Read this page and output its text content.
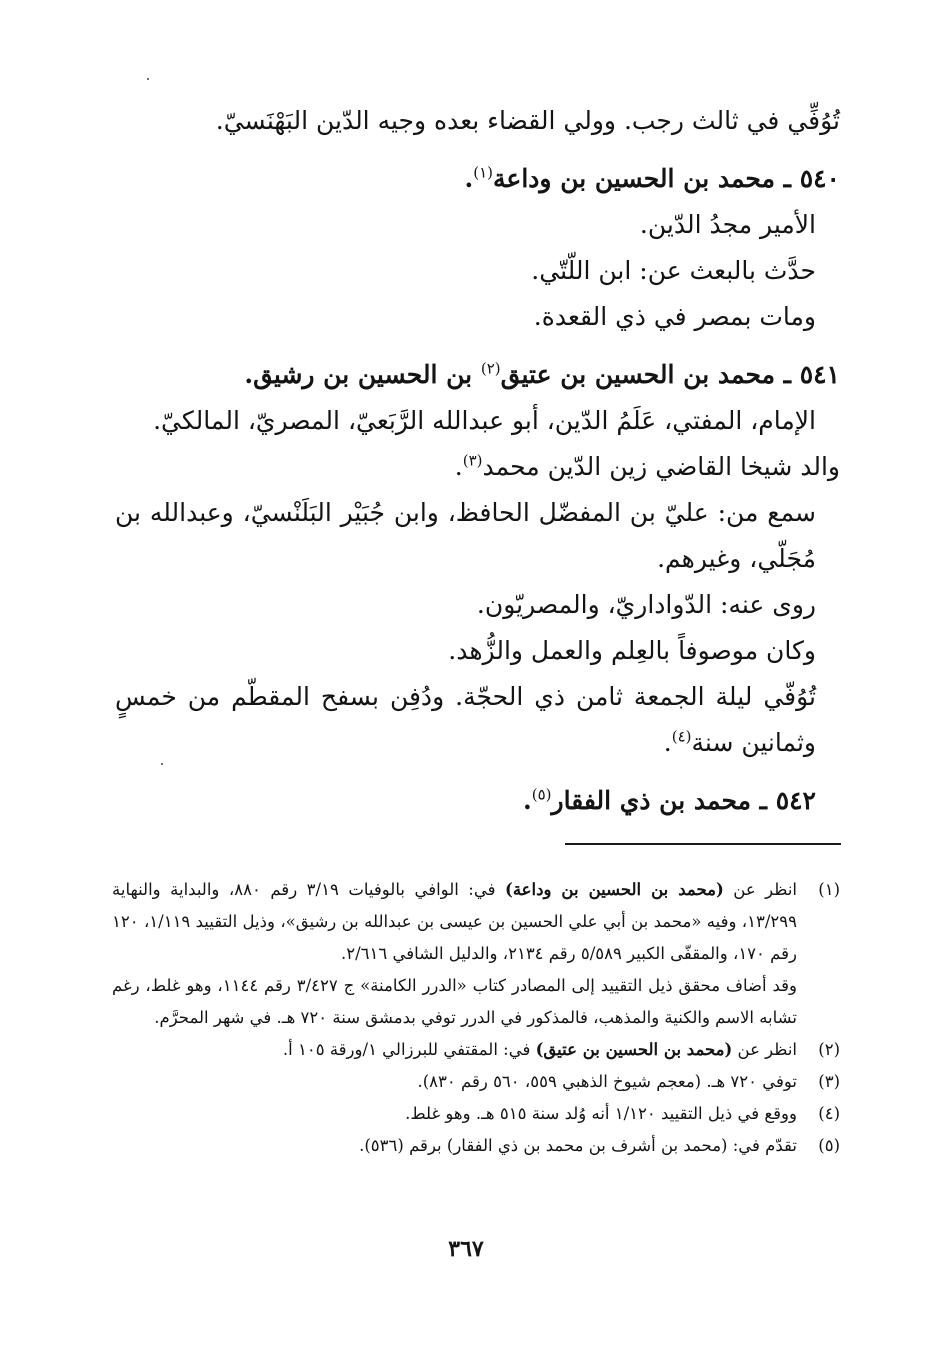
تُوُفِّي في ثالث رجب. وولي القضاء بعده وجيه الدّين البَهْنَسيّ.

٥٤٠ ـ محمد بن الحسين بن وداعة$^{(١)}$.

الأمير مجدُ الدّين.

حدَّث بالبعث عن: ابن اللّتّي.

ومات بمصر في ذي القعدة.

٥٤١ ـ محمد بن الحسين بن عتيق$^{(٢)}$ بن الحسين بن رشيق.

الإمام، المفتي، عَلَمُ الدّين، أبو عبدالله الرَّبَعيّ، المصريّ، المالكيّ.

والد شيخا القاضي زين الدّين محمد$^{(٣)}$.

سمع من: عليّ بن المفضّل الحافظ، وابن جُبَيْر البَلَنْسيّ، وعبدالله بن مُجَلّي، وغيرهم.

روى عنه: الدّواداريّ، والمصريّون.

وكان موصوفاً بالعِلم والعمل والزُّهد.

تُوُفّي ليلة الجمعة ثامن ذي الحجّة. ودُفِن بسفح المقطّم من خمسٍ وثمانين سنة$^{(٤)}$.

٥٤٢ ـ محمد بن ذي الفقار$^{(٥)}$.

(١)
انظر عن (محمد بن الحسين بن وداعة) في: الوافي بالوفيات ٣/١٩ رقم ٨٨٠، والبداية والنهاية ١٣/٢٩٩، وفيه «محمد بن أبي علي الحسين بن عيسى بن عبدالله بن رشيق»، وذيل التقييد ١/١١٩، ١٢٠ رقم ١٧٠، والمقفّى الكبير ٥/٥٨٩ رقم ٢١٣٤، والدليل الشافي ٢/٦١٦.
وقد أضاف محقق ذيل التقييد إلى المصادر كتاب «الدرر الكامنة» ج ٣/٤٢٧ رقم ١١٤٤، وهو غلط، رغم تشابه الاسم والكنية والمذهب، فالمذكور في الدرر توفي بدمشق سنة ٧٢٠ هـ. في شهر المحرَّم.
(٢)
انظر عن (محمد بن الحسين بن عتيق) في: المقتفي للبرزالي ١/ورقة ١٠٥ أ.
(٣)
توفي ٧٢٠ هـ. (معجم شيوخ الذهبي ٥٥٩، ٥٦٠ رقم ٨٣٠).
(٤)
ووقع في ذيل التقييد ١/١٢٠ أنه وُلد سنة ٥١٥ هـ. وهو غلط.
(٥)
تقدّم في: (محمد بن أشرف بن محمد بن ذي الفقار) برقم (٥٣٦).
٣٦٧
